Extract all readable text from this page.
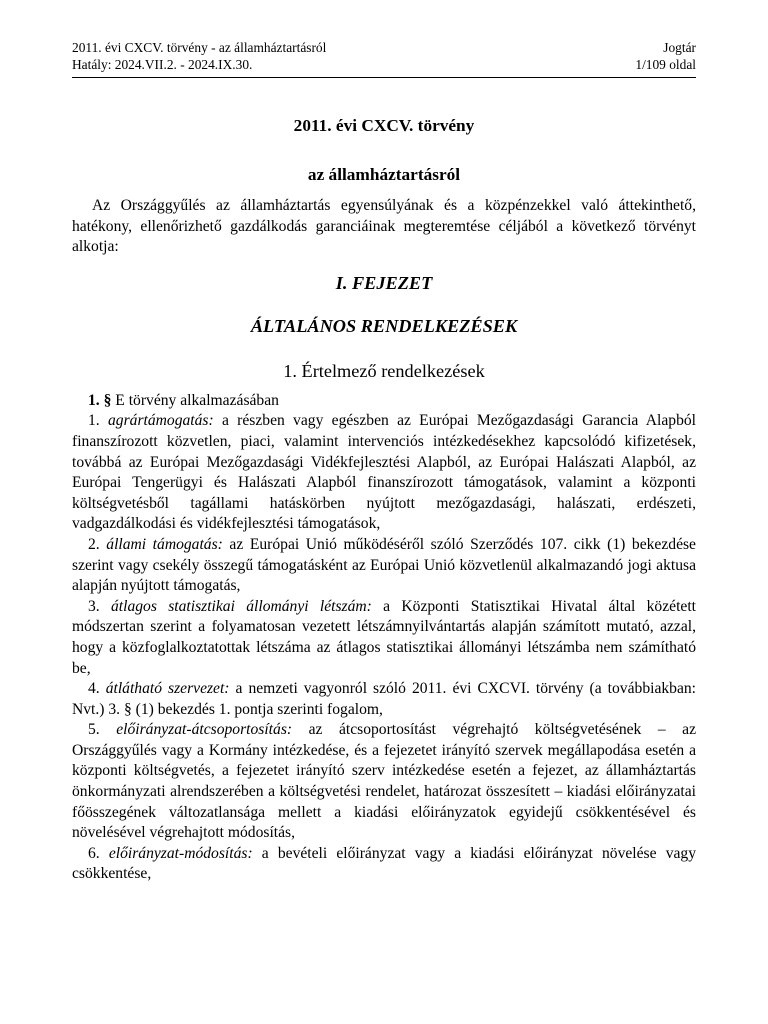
2011. évi CXCV. törvény - az államháztartásról
Hatály: 2024.VII.2. - 2024.IX.30.
Jogtár
1/109 oldal
2011. évi CXCV. törvény
az államháztartásról
Az Országgyűlés az államháztartás egyensúlyának és a közpénzekkel való áttekinthető, hatékony, ellenőrizhető gazdálkodás garanciáinak megteremtése céljából a következő törvényt alkotja:
I. FEJEZET
ÁLTALÁNOS RENDELKEZÉSEK
1. Értelmező rendelkezések
1. § E törvény alkalmazásában
1. agrártámogatás: a részben vagy egészben az Európai Mezőgazdasági Garancia Alapból finanszírozott közvetlen, piaci, valamint intervenciós intézkedésekhez kapcsolódó kifizetések, továbbá az Európai Mezőgazdasági Vidékfejlesztési Alapból, az Európai Halászati Alapból, az Európai Tengerügyi és Halászati Alapból finanszírozott támogatások, valamint a központi költségvetésből tagállami hatáskörben nyújtott mezőgazdasági, halászati, erdészeti, vadgazdálkodási és vidékfejlesztési támogatások,
2. állami támogatás: az Európai Unió működéséről szóló Szerződés 107. cikk (1) bekezdése szerint vagy csekély összegű támogatásként az Európai Unió közvetlenül alkalmazandó jogi aktusa alapján nyújtott támogatás,
3. átlagos statisztikai állományi létszám: a Központi Statisztikai Hivatal által közétett módszertan szerint a folyamatosan vezetett létszámnyilvántartás alapján számított mutató, azzal, hogy a közfoglalkoztatottak létszáma az átlagos statisztikai állományi létszámba nem számítható be,
4. átlátható szervezet: a nemzeti vagyonról szóló 2011. évi CXCVI. törvény (a továbbiakban: Nvt.) 3. § (1) bekezdés 1. pontja szerinti fogalom,
5. előirányzat-átcsoportosítás: az átcsoportosítást végrehajtó költségvetésének – az Országgyűlés vagy a Kormány intézkedése, és a fejezetet irányító szervek megállapodása esetén a központi költségvetés, a fejezetet irányító szerv intézkedése esetén a fejezet, az államháztartás önkormányzati alrendszerében a költségvetési rendelet, határozat összesített – kiadási előirányzatai főösszegének változatlansága mellett a kiadási előirányzatok egyidejű csökkentésével és növelésével végrehajtott módosítás,
6. előirányzat-módosítás: a bevételi előirányzat vagy a kiadási előirányzat növelése vagy csökkentése,
